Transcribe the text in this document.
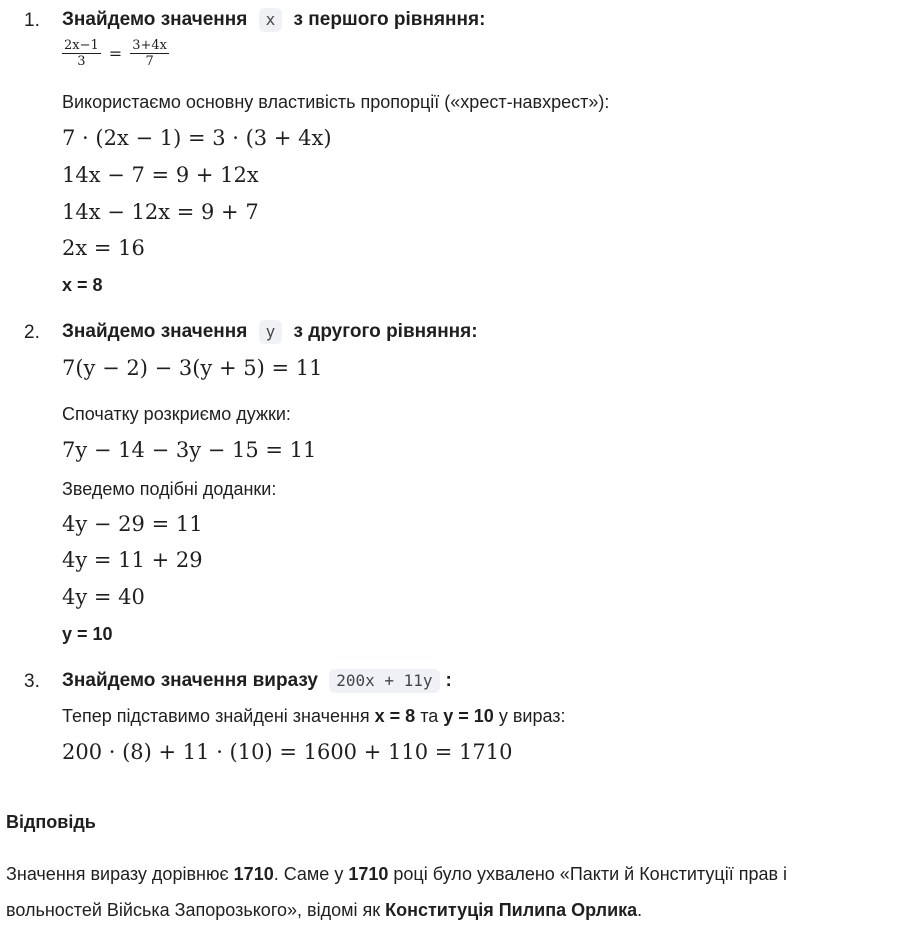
1. Знайдемо значення x з першого рівняння:
$\frac{2x-1}{3} = \frac{3+4x}{7}$
Використаємо основну властивість пропорції («хрест-навхрест»):
7 · (2x − 1) = 3 · (3 + 4x)
14x − 7 = 9 + 12x
14x − 12x = 9 + 7
2x = 16
x = 8
2. Знайдемо значення y з другого рівняння:
7(y − 2) − 3(y + 5) = 11
Спочатку розкриємо дужки:
7y − 14 − 3y − 15 = 11
Зведемо подібні доданки:
4y − 29 = 11
4y = 11 + 29
4y = 40
y = 10
3. Знайдемо значення виразу 200x + 11y :
Тепер підставимо знайдені значення x = 8 та y = 10 у вираз:
200 · (8) + 11 · (10) = 1600 + 110 = 1710
Відповідь
Значення виразу дорівнює 1710. Саме у 1710 році було ухвалено «Пакти й Конституції прав і
вольностей Війська Запорозького», відомі як Конституція Пилипа Орлика.
